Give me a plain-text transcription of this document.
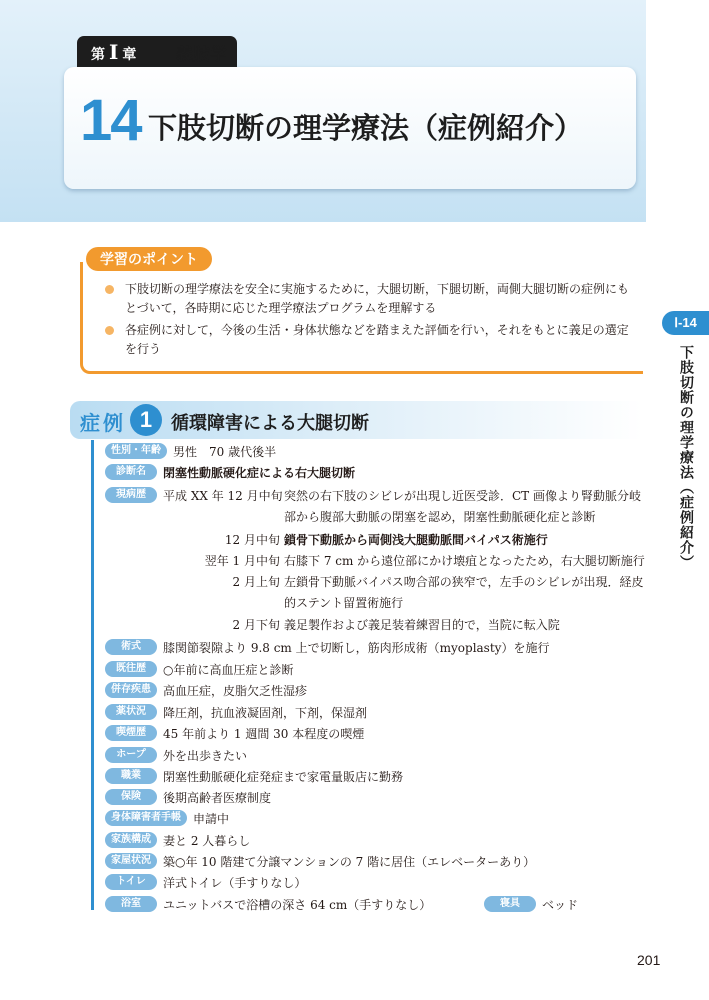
第 Ⅰ 章 義肢学
14 下肢切断の理学療法（症例紹介）
Ⅰ-14
下肢切断の理学療法（症例紹介）
学習のポイント
下肢切断の理学療法を安全に実施するために，大腿切断，下腿切断，両側大腿切断の症例にもとづいて，各時期に応じた理学療法プログラムを理解する
各症例に対して，今後の生活・身体状態などを踏まえた評価を行い，それをもとに義足の選定を行う
症例 1	循環障害による大腿切断
性別・年齢	男性　70 歳代後半
診断名	閉塞性動脈硬化症による右大腿切断
現病歴	平成 XX 年 12 月中旬 突然の右下肢のシビレが出現し近医受診．CT 画像より腎動脈分岐
部から腹部大動脈の閉塞を認め，閉塞性動脈硬化症と診断
12 月中旬 鎖骨下動脈から両側浅大腿動脈間バイパス術施行
翌年 1 月中旬 右膝下 7 cm から遠位部にかけ壊疽となったため，右大腿切断施行
2 月上旬 左鎖骨下動脈バイパス吻合部の狭窄で，左手のシビレが出現．経皮
的ステント留置術施行
2 月下旬 義足製作および義足装着練習目的で，当院に転入院
術式	膝関節裂隙より 9.8 cm 上で切断し，筋肉形成術（myoplasty）を施行
既往歴	○年前に高血圧症と診断
併存疾患	高血圧症，皮脂欠乏性湿疹
薬状況	降圧剤，抗血液凝固剤，下剤，保湿剤
喫煙歴	45 年前より 1 週間 30 本程度の喫煙
ホープ	外を出歩きたい
職業	閉塞性動脈硬化症発症まで家電量販店に勤務
保険	後期高齢者医療制度
身体障害者手帳	申請中
家族構成	妻と 2 人暮らし
家屋状況	築○年 10 階建て分譲マンションの 7 階に居住（エレベーターあり）
トイレ	洋式トイレ（手すりなし）
浴室	ユニットバスで浴槽の深さ 64 cm（手すりなし）	寝具	ベッド
201
